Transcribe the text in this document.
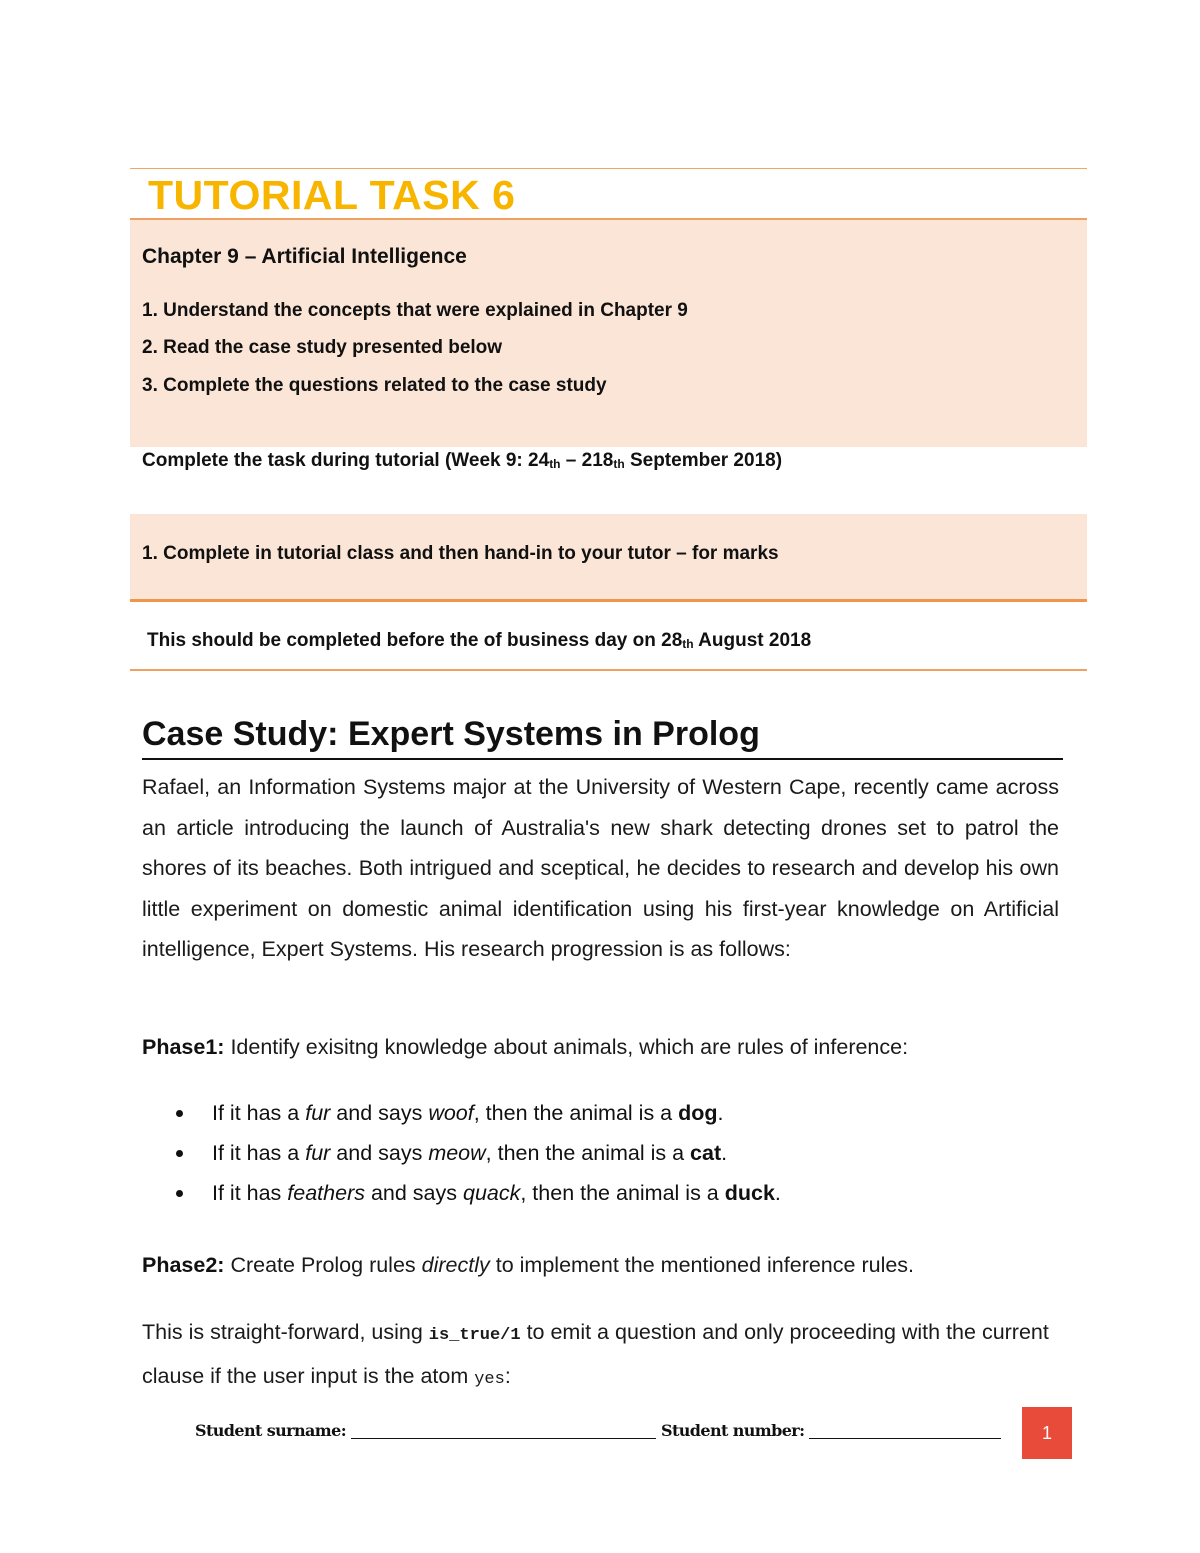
TUTORIAL TASK 6
Chapter 9 – Artificial Intelligence
1. Understand the concepts that were explained in Chapter 9
2. Read the case study presented below
3. Complete the questions related to the case study
Complete the task during tutorial (Week 9: $24_{th} - 218_{th}$ September 2018)
1. Complete in tutorial class and then hand-in to your tutor – for marks
This should be completed before the of business day on $28_{th}$ August 2018
Case Study: Expert Systems in Prolog
Rafael, an Information Systems major at the University of Western Cape, recently came across an article introducing the launch of Australia's new shark detecting drones set to patrol the shores of its beaches. Both intrigued and sceptical, he decides to research and develop his own little experiment on domestic animal identification using his first-year knowledge on Artificial intelligence, Expert Systems. His research progression is as follows:
Phase1: Identify exisitng knowledge about animals, which are rules of inference:
If it has a fur and says woof, then the animal is a dog.
If it has a fur and says meow, then the animal is a cat.
If it has feathers and says quack, then the animal is a duck.
Phase2: Create Prolog rules directly to implement the mentioned inference rules.
This is straight-forward, using is_true/1 to emit a question and only proceeding with the current clause if the user input is the atom yes:
Student surname:	Student number:	1
